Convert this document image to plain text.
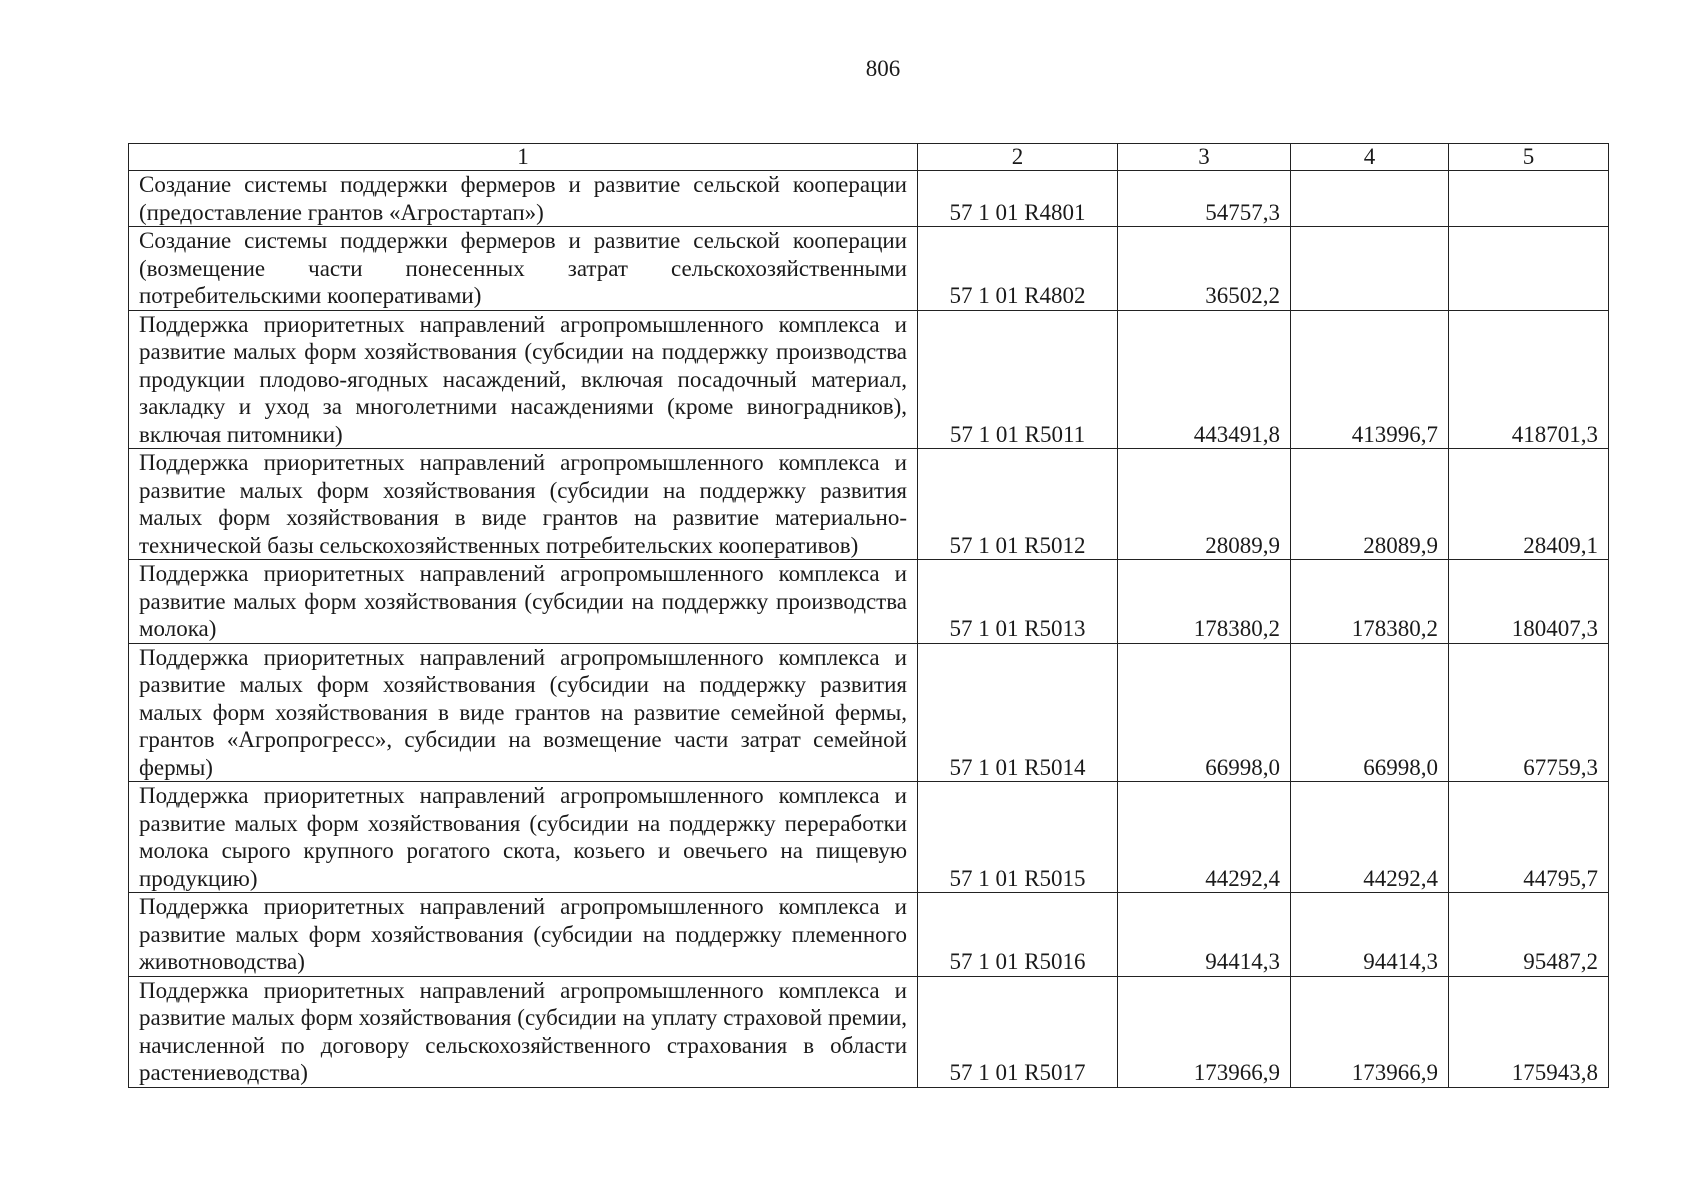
806
1	2	3	4	5
Создание системы поддержки фермеров и развитие сельской кооперации (предоставление грантов «Агростартап»)	57 1 01 R4801	54757,3		
Создание системы поддержки фермеров и развитие сельской кооперации (возмещение части понесенных затрат сельскохозяйственными потребительскими кооперативами)	57 1 01 R4802	36502,2		
Поддержка приоритетных направлений агропромышленного комплекса и развитие малых форм хозяйствования (субсидии на поддержку производства продукции плодово-ягодных насаждений, включая посадочный материал, закладку и уход за многолетними насаждениями (кроме виноградников), включая питомники)	57 1 01 R5011	443491,8	413996,7	418701,3
Поддержка приоритетных направлений агропромышленного комплекса и развитие малых форм хозяйствования (субсидии на поддержку развития малых форм хозяйствования в виде грантов на развитие материально-технической базы сельскохозяйственных потребительских кооперативов)	57 1 01 R5012	28089,9	28089,9	28409,1
Поддержка приоритетных направлений агропромышленного комплекса и развитие малых форм хозяйствования (субсидии на поддержку производства молока)	57 1 01 R5013	178380,2	178380,2	180407,3
Поддержка приоритетных направлений агропромышленного комплекса и развитие малых форм хозяйствования (субсидии на поддержку развития малых форм хозяйствования в виде грантов на развитие семейной фермы, грантов «Агропрогресс», субсидии на возмещение части затрат семейной фермы)	57 1 01 R5014	66998,0	66998,0	67759,3
Поддержка приоритетных направлений агропромышленного комплекса и развитие малых форм хозяйствования (субсидии на поддержку переработки молока сырого крупного рогатого скота, козьего и овечьего на пищевую продукцию)	57 1 01 R5015	44292,4	44292,4	44795,7
Поддержка приоритетных направлений агропромышленного комплекса и развитие малых форм хозяйствования (субсидии на поддержку племенного животноводства)	57 1 01 R5016	94414,3	94414,3	95487,2
Поддержка приоритетных направлений агропромышленного комплекса и развитие малых форм хозяйствования (субсидии на уплату страховой премии, начисленной по договору сельскохозяйственного страхования в области растениеводства)	57 1 01 R5017	173966,9	173966,9	175943,8
